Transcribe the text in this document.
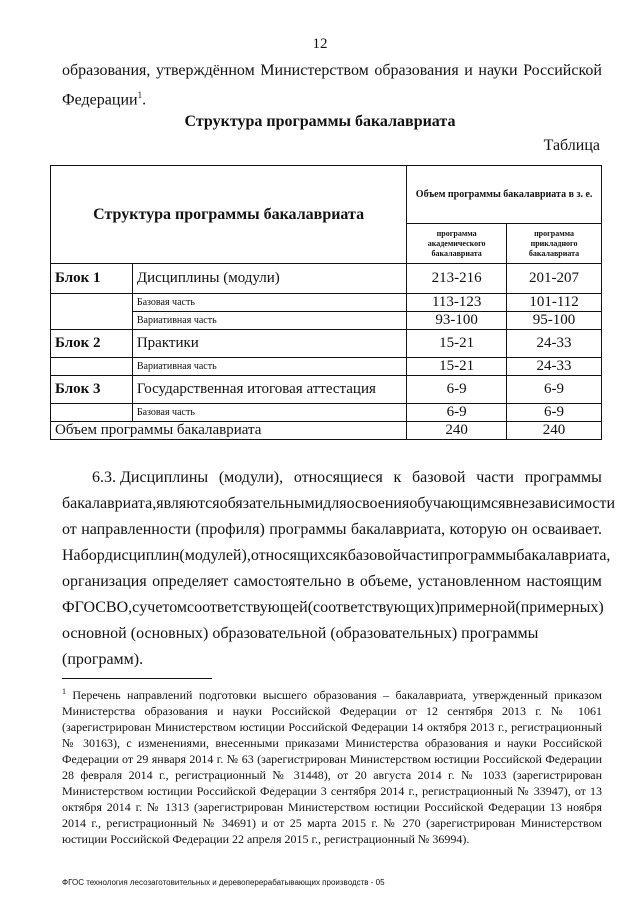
12
образования, утверждённом Министерством образования и науки Российской
Федерации$^1$.
Структура программы бакалавриата
Таблица
Структура программы бакалавриата		Объем программы бакалавриата в з. е.	
		программа академического бакалавриата	программа прикладного бакалавриата
Блок 1	Дисциплины (модули)	213-216	201-207
	Базовая часть	113-123	101-112
	Вариативная часть	93-100	95-100
Блок 2	Практики	15-21	24-33
	Вариативная часть	15-21	24-33
Блок 3	Государственная итоговая аттестация	6-9	6-9
	Базовая часть	6-9	6-9
Объем программы бакалавриата		240	240
6.3. Дисциплины (модули), относящиеся к базовой части программы
бакалавриата, являются обязательными для освоения обучающимся вне зависимости
от направленности (профиля) программы бакалавриата, которую он осваивает.
Набор дисциплин (модулей), относящихся к базовой части программы бакалавриата,
организация определяет самостоятельно в объеме, установленном настоящим
ФГОС ВО, с учетом соответствующей (соответствующих) примерной (примерных)
основной (основных) образовательной (образовательных) программы (программ).
$^1$ Перечень направлений подготовки высшего образования – бакалавриата, утвержденный приказом Министерства образования и науки Российской Федерации от 12 сентября 2013 г. № 1061 (зарегистрирован Министерством юстиции Российской Федерации 14 октября 2013 г., регистрационный № 30163), с изменениями, внесенными приказами Министерства образования и науки Российской Федерации от 29 января 2014 г. № 63 (зарегистрирован Министерством юстиции Российской Федерации 28 февраля 2014 г., регистрационный № 31448), от 20 августа 2014 г. № 1033 (зарегистрирован Министерством юстиции Российской Федерации 3 сентября 2014 г., регистрационный № 33947), от 13 октября 2014 г. № 1313 (зарегистрирован Министерством юстиции Российской Федерации 13 ноября 2014 г., регистрационный № 34691) и от 25 марта 2015 г. № 270 (зарегистрирован Министерством юстиции Российской Федерации 22 апреля 2015 г., регистрационный № 36994).
ФГОС технология лесозаготовительных и деревоперерабатывающих производств - 05
